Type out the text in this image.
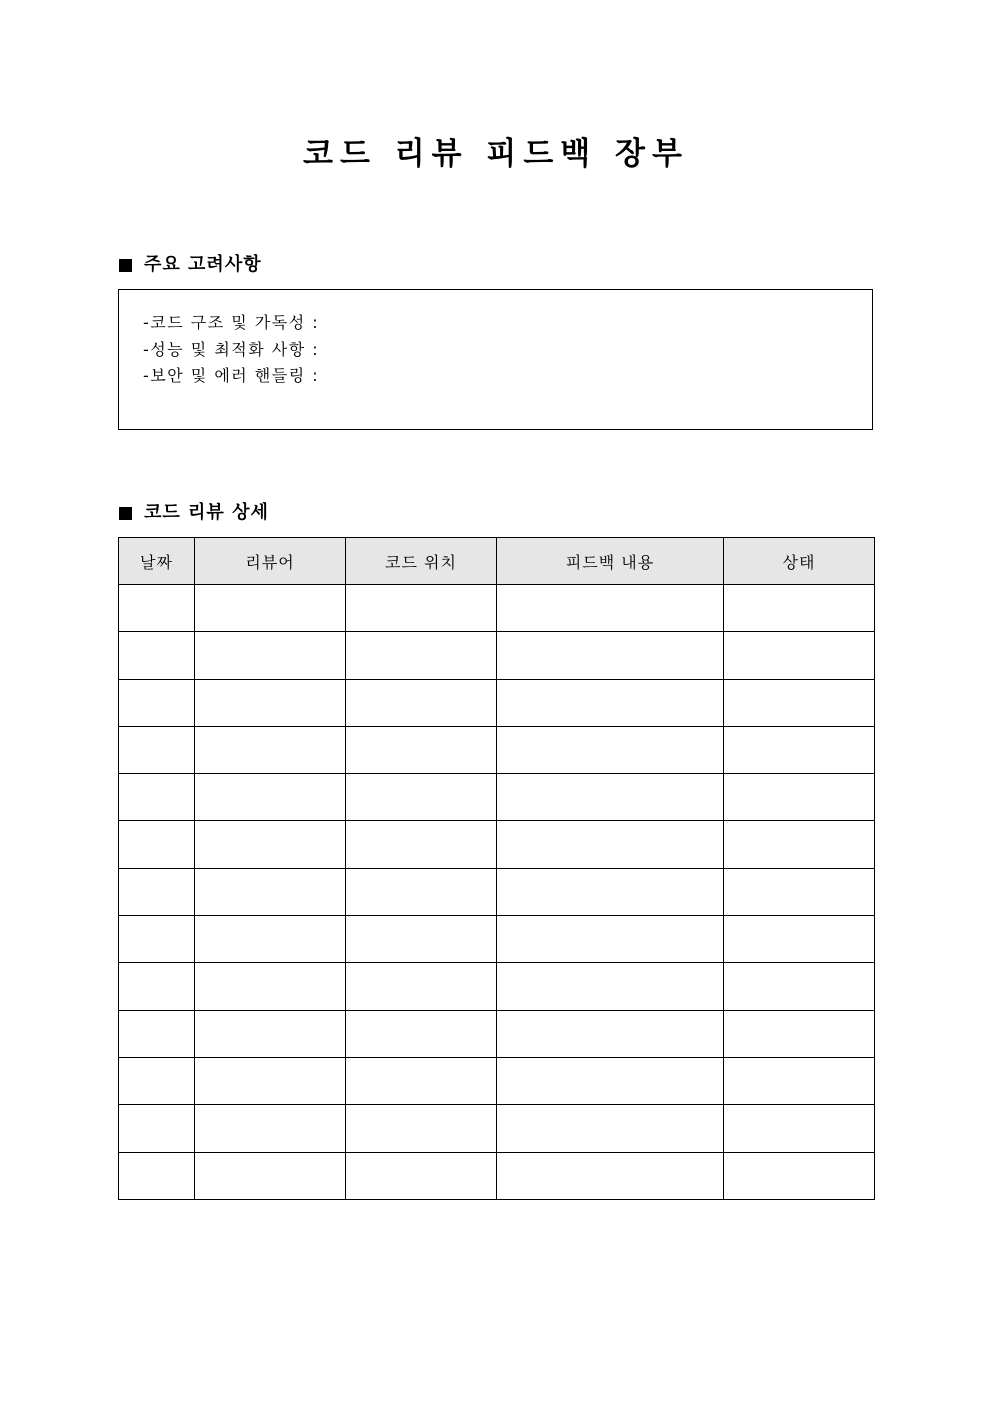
코드 리뷰 피드백 장부
주요 고려사항
-코드 구조 및 가독성 :
-성능 및 최적화 사항 :
-보안 및 에러 핸들링 :
코드 리뷰 상세
날짜	리뷰어	코드 위치	피드백 내용	상태
